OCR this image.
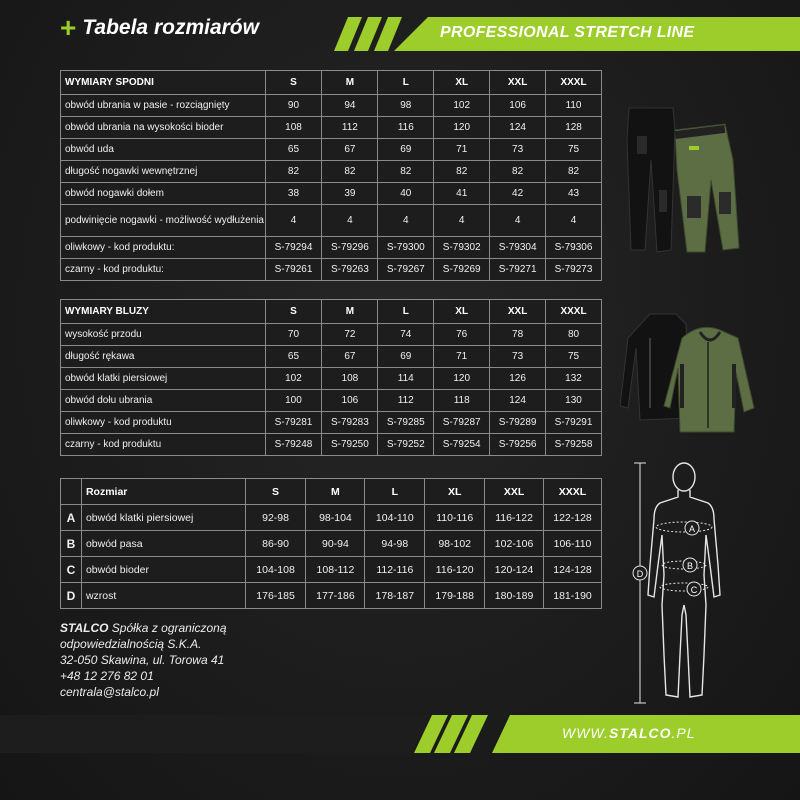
+ Tabela rozmiarów	PROFESSIONAL STRETCH LINE
WYMIARY SPODNI	S	M	L	XL	XXL	XXXL
obwód ubrania w pasie - rozciągnięty	90	94	98	102	106	110
obwód ubrania na wysokości bioder	108	112	116	120	124	128
obwód uda	65	67	69	71	73	75
długość nogawki wewnętrznej	82	82	82	82	82	82
obwód nogawki dołem	38	39	40	41	42	43
podwinięcie nogawki - możliwość wydłużenia	4	4	4	4	4	4
oliwkowy - kod produktu:	S-79294	S-79296	S-79300	S-79302	S-79304	S-79306
czarny - kod produktu:	S-79261	S-79263	S-79267	S-79269	S-79271	S-79273
WYMIARY BLUZY	S	M	L	XL	XXL	XXXL
wysokość przodu	70	72	74	76	78	80
długość rękawa	65	67	69	71	73	75
obwód klatki piersiowej	102	108	114	120	126	132
obwód dołu ubrania	100	106	112	118	124	130
oliwkowy - kod produktu	S-79281	S-79283	S-79285	S-79287	S-79289	S-79291
czarny - kod produktu	S-79248	S-79250	S-79252	S-79254	S-79256	S-79258
	Rozmiar	S	M	L	XL	XXL	XXXL
A	obwód klatki piersiowej	92-98	98-104	104-110	110-116	116-122	122-128
B	obwód pasa	86-90	90-94	94-98	98-102	102-106	106-110
C	obwód bioder	104-108	108-112	112-116	116-120	120-124	124-128
D	wzrost	176-185	177-186	178-187	179-188	180-189	181-190
A
B
C
D
STALCO Spółka z ograniczoną
odpowiedzialnością S.K.A.
32-050 Skawina, ul. Torowa 41
+48 12 276 82 01
centrala@stalco.pl
WWW.STALCO.PL
